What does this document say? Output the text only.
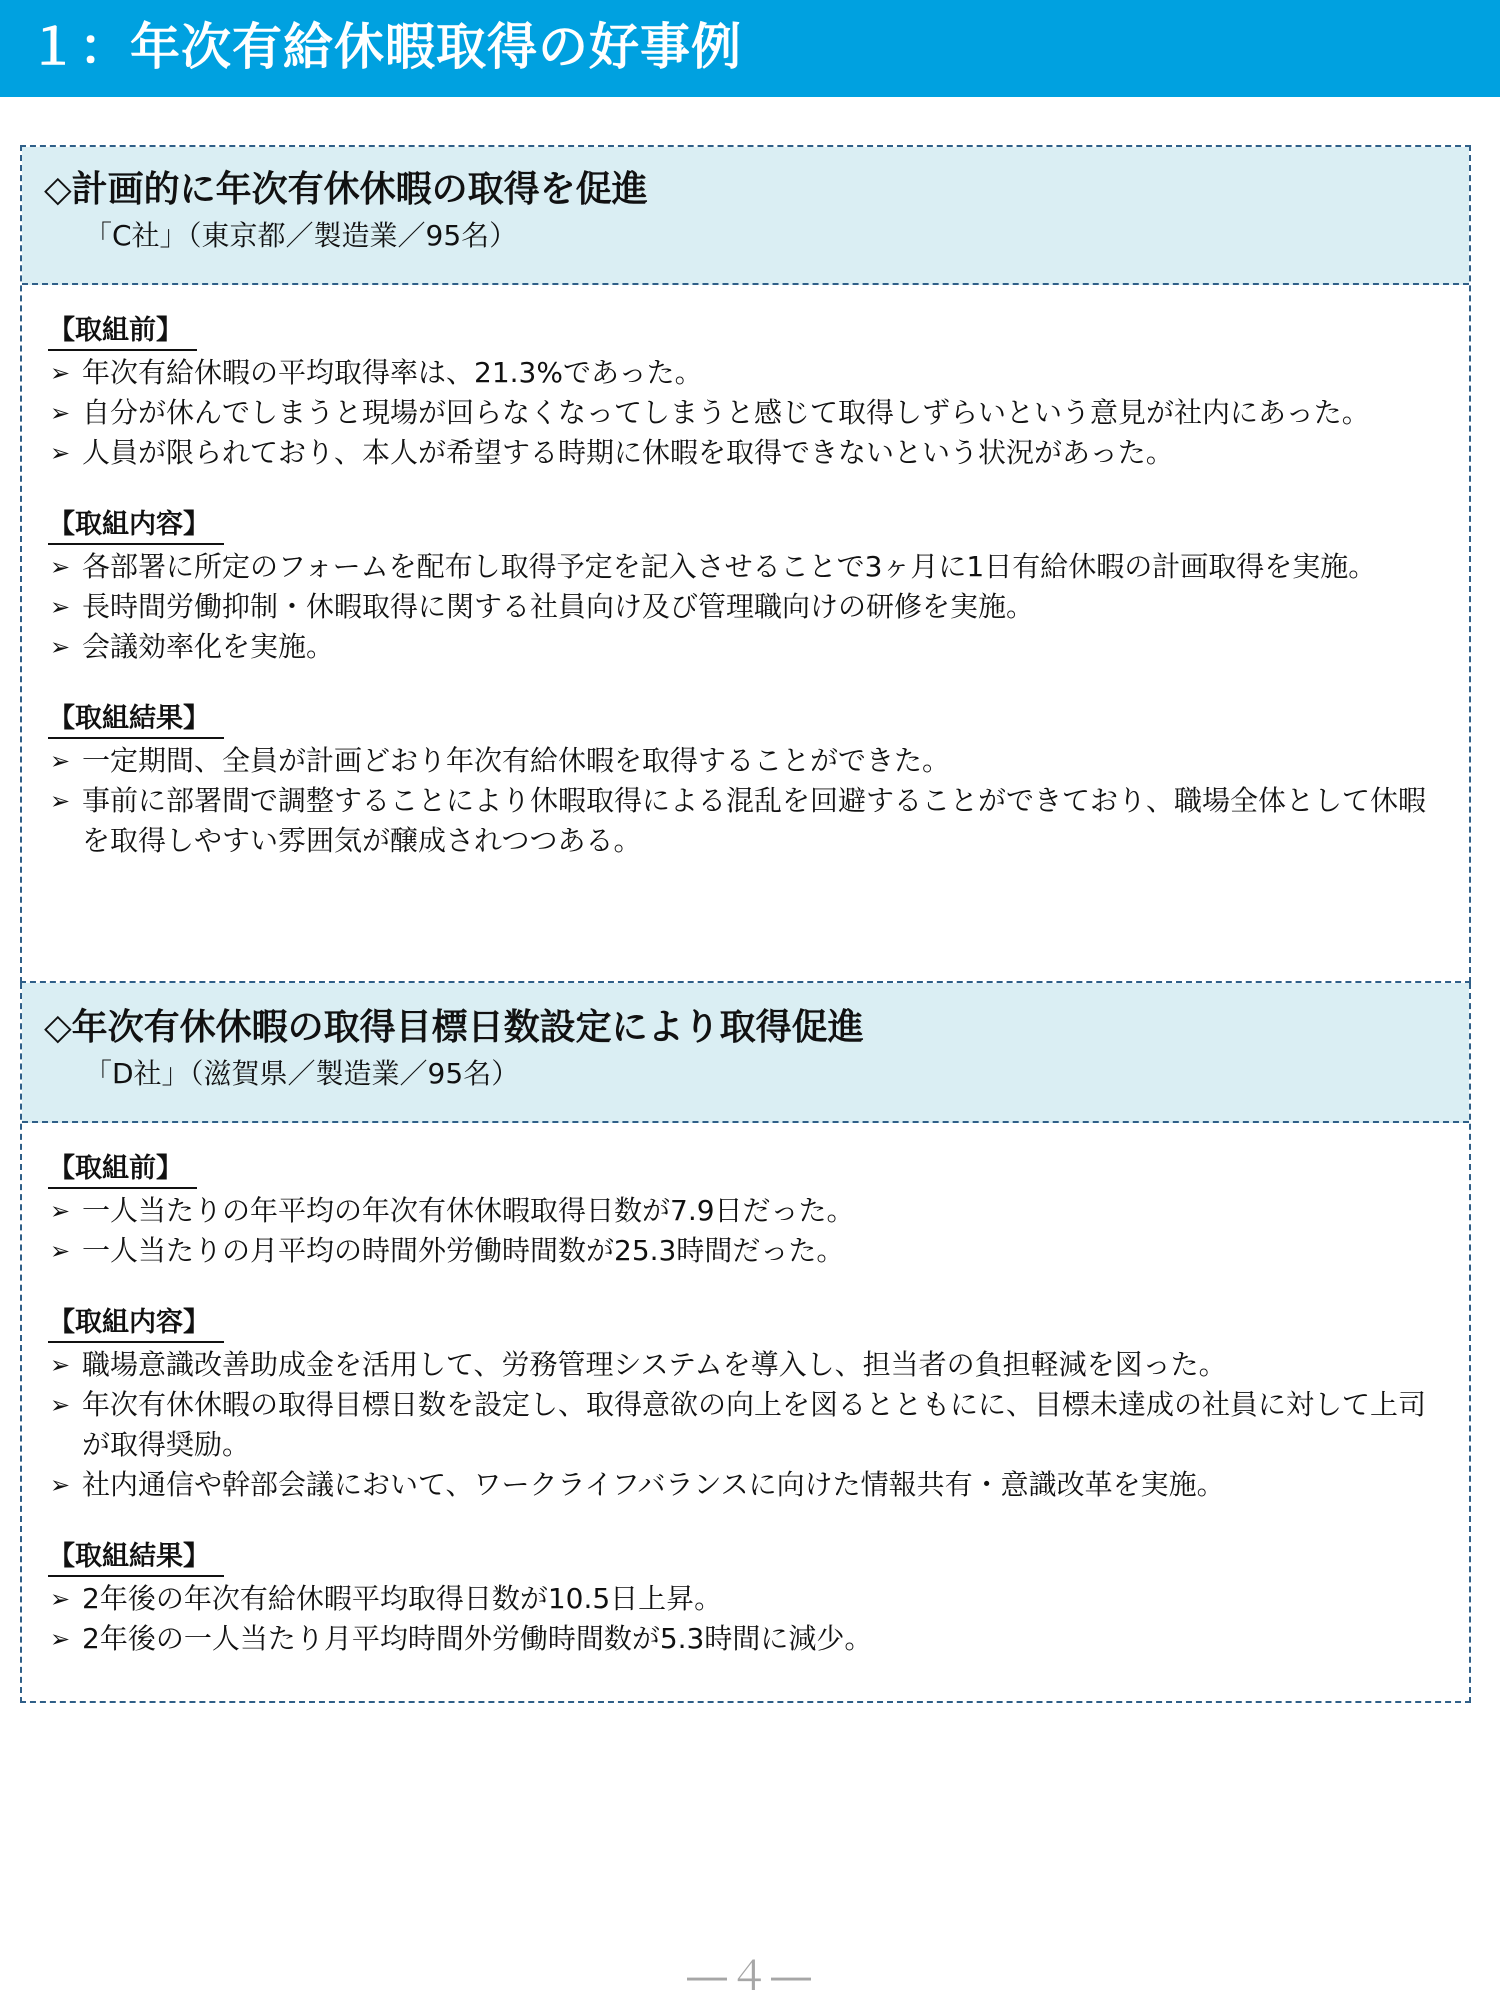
１：年次有給休暇取得の好事例
◇計画的に年次有休休暇の取得を促進
「C社」（東京都／製造業／95名）
【取組前】
➢ 年次有給休暇の平均取得率は、21.3%であった。
➢ 自分が休んでしまうと現場が回らなくなってしまうと感じて取得しずらいという意見が社内にあった。
➢ 人員が限られており、本人が希望する時期に休暇を取得できないという状況があった。
【取組内容】
➢ 各部署に所定のフォームを配布し取得予定を記入させることで3ヶ月に1日有給休暇の計画取得を実施。
➢ 長時間労働抑制・休暇取得に関する社員向け及び管理職向けの研修を実施。
➢ 会議効率化を実施。
【取組結果】
➢ 一定期間、全員が計画どおり年次有給休暇を取得することができた。
➢ 事前に部署間で調整することにより休暇取得による混乱を回避することができており、職場全体として休暇を取得しやすい雰囲気が醸成されつつある。
◇年次有休休暇の取得目標日数設定により取得促進
「D社」（滋賀県／製造業／95名）
【取組前】
➢ 一人当たりの年平均の年次有休休暇取得日数が7.9日だった。
➢ 一人当たりの月平均の時間外労働時間数が25.3時間だった。
【取組内容】
➢ 職場意識改善助成金を活用して、労務管理システムを導入し、担当者の負担軽減を図った。
➢ 年次有休休暇の取得目標日数を設定し、取得意欲の向上を図るとともにに、目標未達成の社員に対して上司が取得奨励。
➢ 社内通信や幹部会議において、ワークライフバランスに向けた情報共有・意識改革を実施。
【取組結果】
➢ 2年後の年次有給休暇平均取得日数が10.5日上昇。
➢ 2年後の一人当たり月平均時間外労働時間数が5.3時間に減少。
―４―
